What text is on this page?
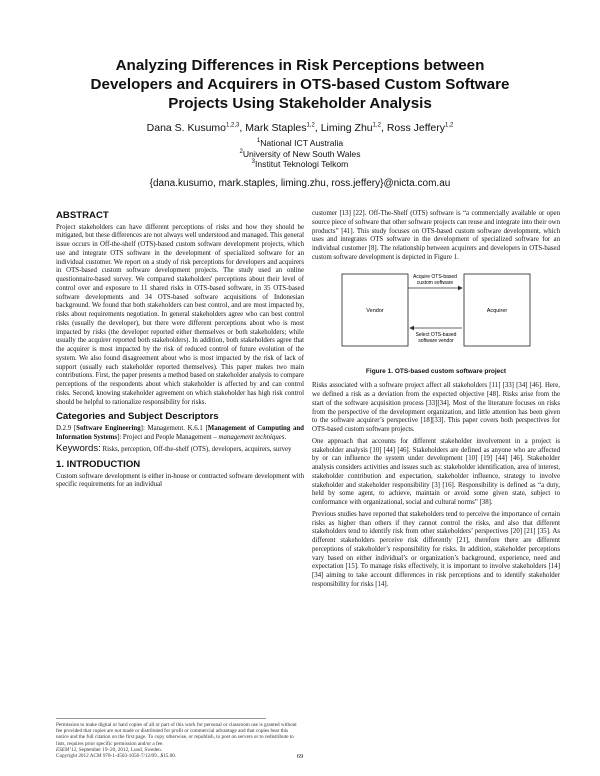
Analyzing Differences in Risk Perceptions between
Developers and Acquirers in OTS-based Custom Software
Projects Using Stakeholder Analysis
Dana S. Kusumo$^{1,2,3}$, Mark Staples$^{1,2}$, Liming Zhu$^{1,2}$, Ross Jeffery$^{1,2}$
$^1$National ICT Australia
$^2$University of New South Wales
$^3$Institut Teknologi Telkom
{dana.kusumo, mark.staples, liming.zhu, ross.jeffery}@nicta.com.au
ABSTRACT

Project stakeholders can have different perceptions of risks and how they should be mitigated, but these differences are not always well understood and managed. This general issue occurs in Off-the-shelf (OTS)-based custom software development projects, which use and integrate OTS software in the development of specialized software for an individual customer. We report on a study of risk perceptions for developers and acquirers in OTS-based custom software development projects. The study used an online questionnaire-based survey. We compared stakeholders' perceptions about their level of control over and exposure to 11 shared risks in OTS-based software, in 35 OTS-based software developments and 34 OTS-based software acquisitions of Indonesian background. We found that both stakeholders can best control, and are most impacted by, risks about requirements negotiation. In general stakeholders agree who can best control risks (usually the developer), but there were different perceptions about who is most impacted by risks (the developer reported either themselves or both stakeholders; while usually the acquirer reported both stakeholders). In addition, both stakeholders agree that the acquirer is most impacted by the risk of reduced control of future evolution of the system. We also found disagreement about who is most impacted by the risk of lack of support (usually each stakeholder reported themselves). This paper makes two main contributions. First, the paper presents a method based on stakeholder analysis to compare perceptions of the respondents about which stakeholder is affected by and can control risks. Second, knowing stakeholder agreement on which stakeholder has high risk control should be helpful to rationalize responsibility for risks.

Categories and Subject Descriptors

D.2.9 [Software Engineering]: Management. K.6.1 [Management of Computing and Information Systems]: Project and People Management – management techniques.

Keywords: Risks, perception, Off-the-shelf (OTS), developers, acquirers, survey

1. INTRODUCTION

Custom software development is either in-house or contracted software development with specific requirements for an individual

Permission to make digital or hard copies of all or part of this work for personal or classroom use is granted without fee provided that copies are not made or distributed for profit or commercial advantage and that copies bear this notice and the full citation on the first page. To copy otherwise, or republish, to post on servers or to redistribute to lists, requires prior specific permission and/or a fee.
ESEM’12, September 19–20, 2012, Lund, Sweden.
Copyright 2012 ACM 978-1-4503-1056-7/12/09...$15.00.

customer [13] [22]. Off-The-Shelf (OTS) software is “a commercially available or open source piece of software that other software projects can reuse and integrate into their own products” [41]. This study focuses on OTS-based custom software development, which uses and integrates OTS software in the development of specialized software for an individual customer [8]. The relationship between acquirers and developers in OTS-based custom software development is depicted in Figure 1.

Acquire OTS-based
custom software
Select OTS-based
software vendor
Acquirer
Vendor
Figure 1. OTS-based custom software project

Risks associated with a software project affect all stakeholders [11] [33] [34] [46]. Here, we defined a risk as a deviation from the expected objective [48]. Risks arise from the start of the software acquisition process [33][34]. Most of the literature focuses on risks from the perspective of the development organization, and little attention has been given to the software acquirer’s perspective [18][33]. This paper covers both perspectives for OTS-based custom software projects.

One approach that accounts for different stakeholder involvement in a project is stakeholder analysis [10] [44] [46]. Stakeholders are defined as anyone who are affected by or can influence the system under development [10] [19] [44] [46]. Stakeholder analysis considers activities and issues such as: stakeholder identification, area of interest, stakeholder contribution and expectation, stakeholder influence, strategy to involve stakeholder and stakeholder responsibility [3] [16]. Responsibility is defined as “a duty, held by some agent, to achieve, maintain or avoid some given state, subject to conformance with organizational, social and cultural norms” [38].

Previous studies have reported that stakeholders tend to perceive the importance of certain risks as higher than others if they cannot control the risks, and also that different stakeholders tend to identify risk from other stakeholders’ perspectives [20] [21] [35]. As different stakeholders perceive risk differently [21], therefore there are different perceptions of stakeholder’s responsibility for risks. In addition, stakeholder perceptions vary based on either individual’s or organization’s background, experience, need and expectation [15]. To manage risks effectively, it is important to involve stakeholders [14] [34] aiming to take account differences in risk perceptions and to identify stakeholder responsibility for risks [14].

69
